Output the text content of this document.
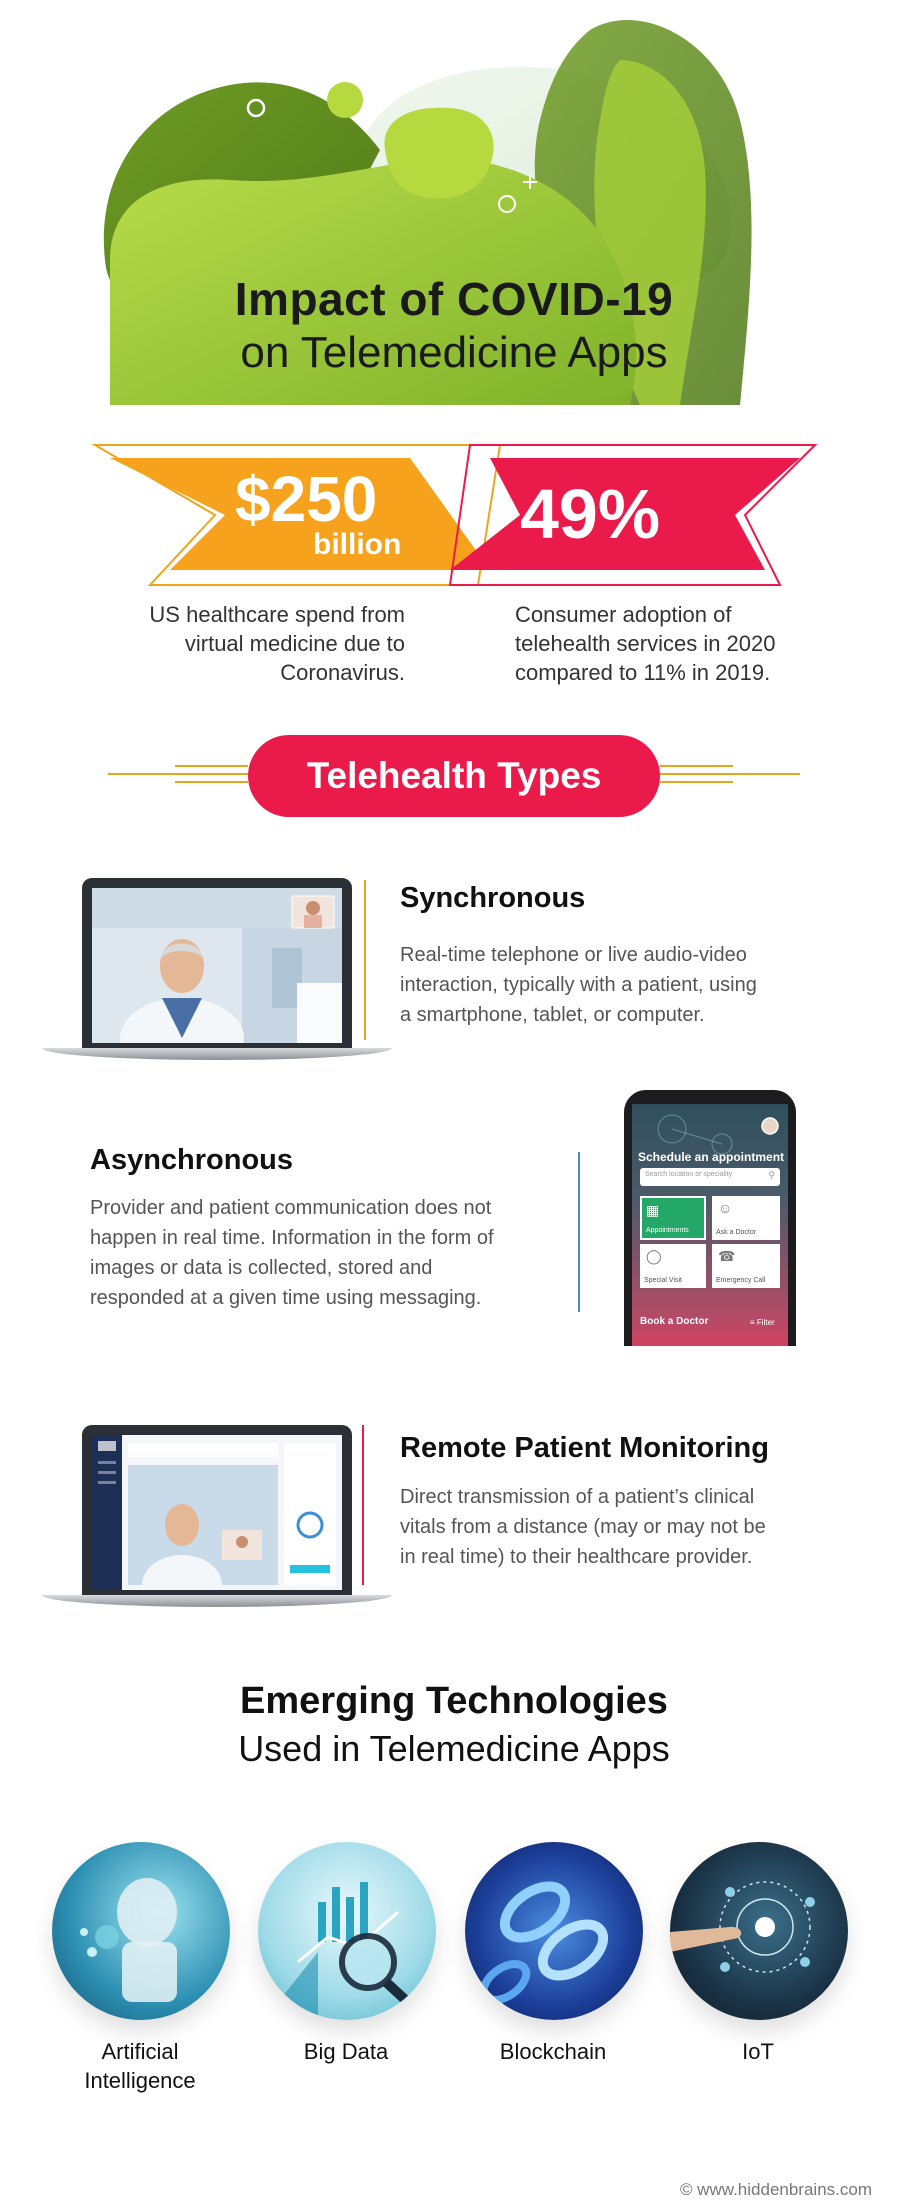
Impact of COVID-19
on Telemedicine Apps
$250
billion 49%
US healthcare spend from
virtual medicine due to
Coronavirus.
Consumer adoption of
telehealth services in 2020
compared to 11% in 2019.
Telehealth Types
Synchronous
Real-time telephone or live audio-video
interaction, typically with a patient, using
a smartphone, tablet, or computer.
Asynchronous
Provider and patient communication does not
happen in real time. Information in the form of
images or data is collected, stored and
responded at a given time using messaging.
Schedule an appointment
Search location or speciality	⚲
▦
Appointments
☺
Ask a Doctor
◯
Special Visit
☎
Emergency Call
Book a Doctor	≡ Filter
Remote Patient Monitoring
Direct transmission of a patient’s clinical
vitals from a distance (may or may not be
in real time) to their healthcare provider.
Emerging Technologies
Used in Telemedicine Apps
Artificial
Intelligence
Big Data	Blockchain	IoT
© www.hiddenbrains.com
